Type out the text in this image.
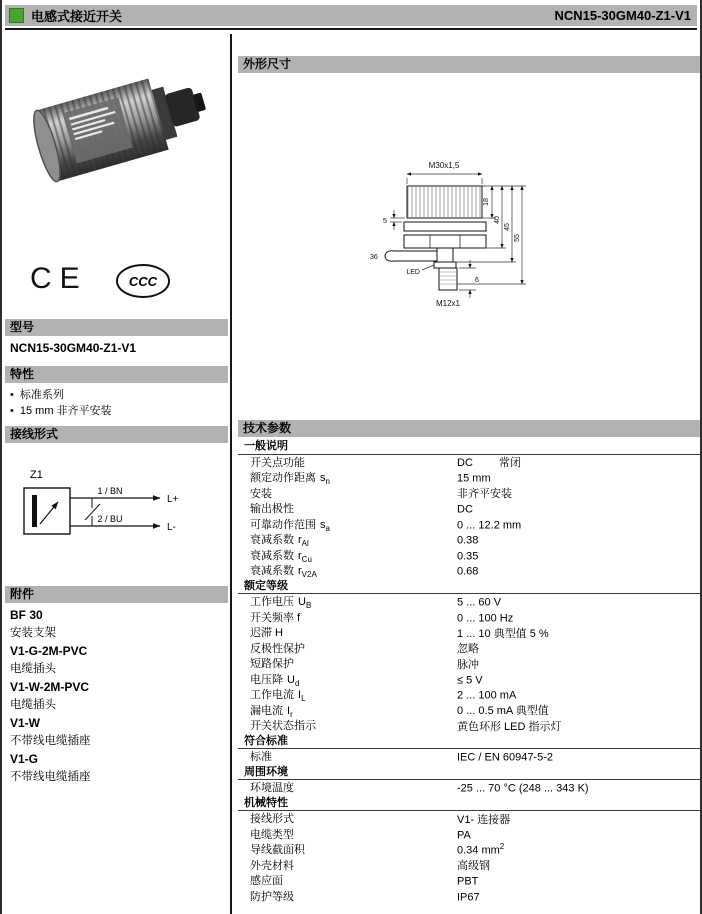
电感式接近开关	NCN15-30GM40-Z1-V1
CE	CCC
型号
NCN15-30GM40-Z1-V1
特性
• 标准系列
• 15 mm 非齐平安装
接线形式
Z1
1 / BN
2 / BU
L+
L-
附件
BF 30
安装支架
V1-G-2M-PVC
电缆插头
V1-W-2M-PVC
电缆插头
V1-W
不带线电缆插座
V1-G
不带线电缆插座
外形尺寸
M30x1,5
18
40
45
55
5
36
LED
6
M12x1
技术参数
一般说明
开关点功能	DC 常闭
额定动作距离 $s_n$	15 mm
安装	非齐平安装
输出极性	DC
可靠动作范围 $s_a$	0 ... 12.2 mm
衰减系数 $r_{Al}$	0.38
衰减系数 $r_{Cu}$	0.35
衰减系数 $r_{V2A}$	0.68
额定等级
工作电压 $U_B$	5 ... 60 V
开关频率 f	0 ... 100 Hz
迟滞 H	1 ... 10 典型值 5 %
反极性保护	忽略
短路保护	脉冲
电压降 $U_d$	≤ 5 V
工作电流 $I_L$	2 ... 100 mA
漏电流 $I_r$	0 ... 0.5 mA 典型值
开关状态指示	黄色环形 LED 指示灯
符合标准
标准	IEC / EN 60947-5-2
周围环境
环境温度	-25 ... 70 °C (248 ... 343 K)
机械特性
接线形式	V1- 连接器
电缆类型	PA
导线截面积	0.34 $mm^2$
外壳材料	高级钢
感应面	PBT
防护等级	IP67
